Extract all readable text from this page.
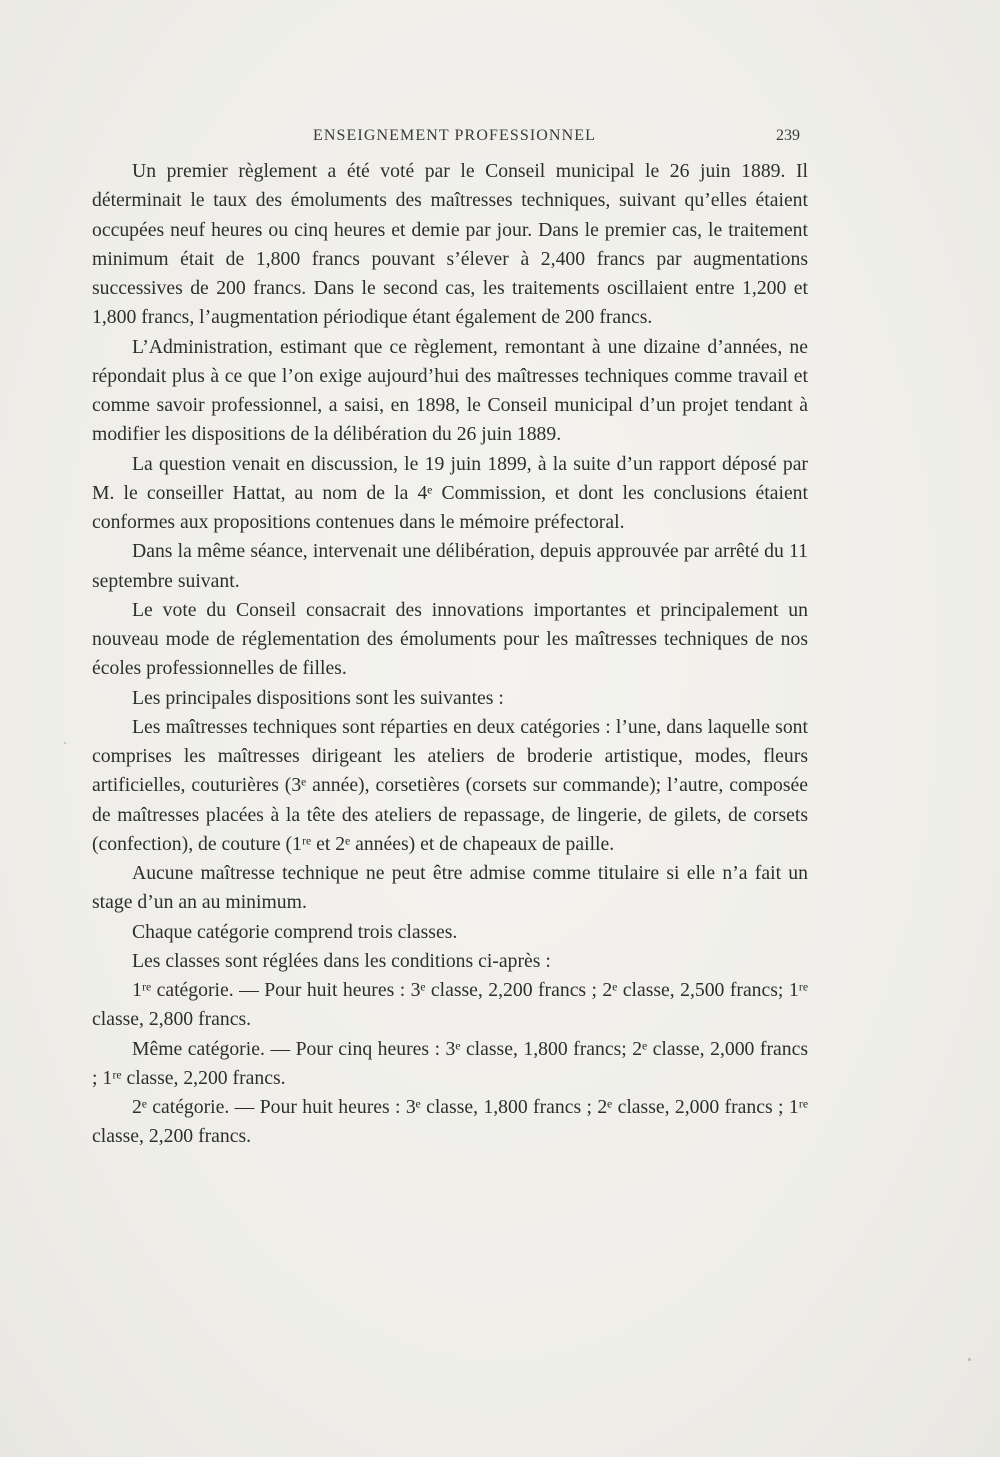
ENSEIGNEMENT PROFESSIONNEL	239

Un premier règlement a été voté par le Conseil municipal le 26 juin 1889. Il déterminait le taux des émoluments des maîtresses techniques, suivant qu’elles étaient occupées neuf heures ou cinq heures et demie par jour. Dans le premier cas, le traitement minimum était de 1,800 francs pouvant s’élever à 2,400 francs par augmentations successives de 200 francs. Dans le second cas, les traitements oscillaient entre 1,200 et 1,800 francs, l’augmentation périodique étant également de 200 francs.

L’Administration, estimant que ce règlement, remontant à une dizaine d’années, ne répondait plus à ce que l’on exige aujourd’hui des maîtresses techniques comme travail et comme savoir professionnel, a saisi, en 1898, le Conseil municipal d’un projet tendant à modifier les dispositions de la délibération du 26 juin 1889.

La question venait en discussion, le 19 juin 1899, à la suite d’un rapport déposé par M. le conseiller Hattat, au nom de la 4ᵉ Commission, et dont les conclusions étaient conformes aux propositions contenues dans le mémoire préfectoral.

Dans la même séance, intervenait une délibération, depuis approuvée par arrêté du 11 septembre suivant.

Le vote du Conseil consacrait des innovations importantes et principalement un nouveau mode de réglementation des émoluments pour les maîtresses techniques de nos écoles professionnelles de filles.

Les principales dispositions sont les suivantes :

Les maîtresses techniques sont réparties en deux catégories : l’une, dans laquelle sont comprises les maîtresses dirigeant les ateliers de broderie artistique, modes, fleurs artificielles, couturières (3ᵉ année), corsetières (corsets sur commande); l’autre, composée de maîtresses placées à la tête des ateliers de repassage, de lingerie, de gilets, de corsets (confection), de couture (1ʳᵉ et 2ᵉ années) et de chapeaux de paille.

Aucune maîtresse technique ne peut être admise comme titulaire si elle n’a fait un stage d’un an au minimum.

Chaque catégorie comprend trois classes.

Les classes sont réglées dans les conditions ci-après :

1ʳᵉ catégorie. — Pour huit heures : 3ᵉ classe, 2,200 francs ; 2ᵉ classe, 2,500 francs; 1ʳᵉ classe, 2,800 francs.

Même catégorie. — Pour cinq heures : 3ᵉ classe, 1,800 francs; 2ᵉ classe, 2,000 francs ; 1ʳᵉ classe, 2,200 francs.

2ᵉ catégorie. — Pour huit heures : 3ᵉ classe, 1,800 francs ; 2ᵉ classe, 2,000 francs ; 1ʳᵉ classe, 2,200 francs.
